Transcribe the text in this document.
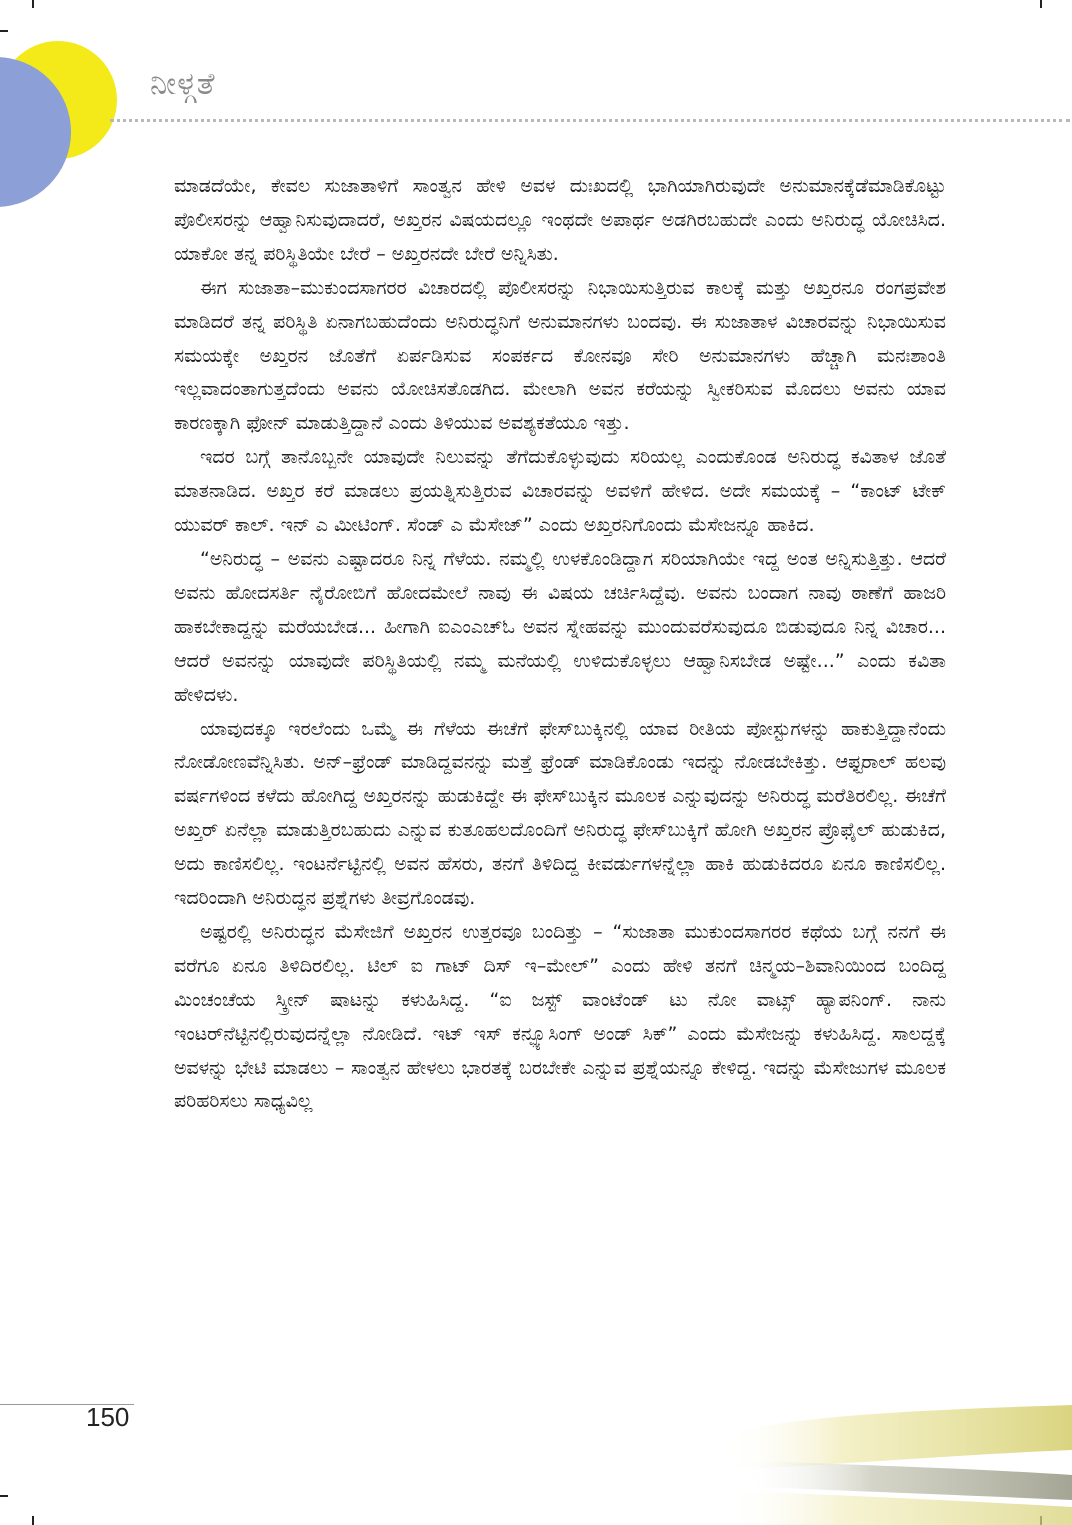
ನೀಳ್ಗತೆ

ಮಾಡದೆಯೇ, ಕೇವಲ ಸುಜಾತಾಳಿಗೆ ಸಾಂತ್ವನ ಹೇಳಿ ಅವಳ ದುಃಖದಲ್ಲಿ ಭಾಗಿಯಾಗಿರುವುದೇ ಅನುಮಾನಕ್ಕೆಡೆಮಾಡಿಕೊಟ್ಟು ಪೊಲೀಸರನ್ನು ಆಹ್ವಾನಿಸುವುದಾದರೆ, ಅಖ್ತರನ ವಿಷಯದಲ್ಲೂ ಇಂಥದೇ ಅಪಾರ್ಥ ಅಡಗಿರಬಹುದೇ ಎಂದು ಅನಿರುದ್ಧ ಯೋಚಿಸಿದ. ಯಾಕೋ ತನ್ನ ಪರಿಸ್ಥಿತಿಯೇ ಬೇರೆ – ಅಖ್ತರನದೇ ಬೇರೆ ಅನ್ನಿಸಿತು.

ಈಗ ಸುಜಾತಾ–ಮುಕುಂದಸಾಗರರ ವಿಚಾರದಲ್ಲಿ ಪೊಲೀಸರನ್ನು ನಿಭಾಯಿಸುತ್ತಿರುವ ಕಾಲಕ್ಕೆ ಮತ್ತು ಅಖ್ತರನೂ ರಂಗಪ್ರವೇಶ ಮಾಡಿದರೆ ತನ್ನ ಪರಿಸ್ಥಿತಿ ಏನಾಗಬಹುದೆಂದು ಅನಿರುದ್ಧನಿಗೆ ಅನುಮಾನಗಳು ಬಂದವು. ಈ ಸುಜಾತಾಳ ವಿಚಾರವನ್ನು ನಿಭಾಯಿಸುವ ಸಮಯಕ್ಕೇ ಅಖ್ತರನ ಜೊತೆಗೆ ಏರ್ಪಡಿಸುವ ಸಂಪರ್ಕದ ಕೋನವೂ ಸೇರಿ ಅನುಮಾನಗಳು ಹೆಚ್ಚಾಗಿ ಮನಃಶಾಂತಿ ಇಲ್ಲವಾದಂತಾಗುತ್ತದೆಂದು ಅವನು ಯೋಚಿಸತೊಡಗಿದ. ಮೇಲಾಗಿ ಅವನ ಕರೆಯನ್ನು ಸ್ವೀಕರಿಸುವ ಮೊದಲು ಅವನು ಯಾವ ಕಾರಣಕ್ಕಾಗಿ ಫೋನ್ ಮಾಡುತ್ತಿದ್ದಾನೆ ಎಂದು ತಿಳಿಯುವ ಅವಶ್ಯಕತೆಯೂ ಇತ್ತು.

ಇದರ ಬಗ್ಗೆ ತಾನೊಬ್ಬನೇ ಯಾವುದೇ ನಿಲುವನ್ನು ತೆಗೆದುಕೊಳ್ಳುವುದು ಸರಿಯಲ್ಲ ಎಂದುಕೊಂಡ ಅನಿರುದ್ಧ ಕವಿತಾಳ ಜೊತೆ ಮಾತನಾಡಿದ. ಅಖ್ತರ ಕರೆ ಮಾಡಲು ಪ್ರಯತ್ನಿಸುತ್ತಿರುವ ವಿಚಾರವನ್ನು ಅವಳಿಗೆ ಹೇಳಿದ. ಅದೇ ಸಮಯಕ್ಕೆ – “ಕಾಂಟ್ ಟೇಕ್ ಯುವರ್ ಕಾಲ್. ಇನ್ ಎ ಮೀಟಿಂಗ್. ಸೆಂಡ್ ಎ ಮೆಸೇಜ್” ಎಂದು ಅಖ್ತರನಿಗೊಂದು ಮೆಸೇಜನ್ನೂ ಹಾಕಿದ.

“ಅನಿರುದ್ಧ – ಅವನು ಎಷ್ಟಾದರೂ ನಿನ್ನ ಗೆಳೆಯ. ನಮ್ಮಲ್ಲಿ ಉಳಕೊಂಡಿದ್ದಾಗ ಸರಿಯಾಗಿಯೇ ಇದ್ದ ಅಂತ ಅನ್ನಿಸುತ್ತಿತ್ತು. ಆದರೆ ಅವನು ಹೋದಸರ್ತಿ ನೈರೋಬಿಗೆ ಹೋದಮೇಲೆ ನಾವು ಈ ವಿಷಯ ಚರ್ಚಿಸಿದ್ದೆವು. ಅವನು ಬಂದಾಗ ನಾವು ಠಾಣೆಗೆ ಹಾಜರಿ ಹಾಕಬೇಕಾದ್ದನ್ನು ಮರೆಯಬೇಡ... ಹೀಗಾಗಿ ಐಎಂಎಚ್ಓ ಅವನ ಸ್ನೇಹವನ್ನು ಮುಂದುವರೆಸುವುದೂ ಬಿಡುವುದೂ ನಿನ್ನ ವಿಚಾರ... ಆದರೆ ಅವನನ್ನು ಯಾವುದೇ ಪರಿಸ್ಥಿತಿಯಲ್ಲಿ ನಮ್ಮ ಮನೆಯಲ್ಲಿ ಉಳಿದುಕೊಳ್ಳಲು ಆಹ್ವಾನಿಸಬೇಡ ಅಷ್ಟೇ...” ಎಂದು ಕವಿತಾ ಹೇಳಿದಳು.

ಯಾವುದಕ್ಕೂ ಇರಲೆಂದು ಒಮ್ಮೆ ಈ ಗೆಳೆಯ ಈಚೆಗೆ ಫೇಸ್‌ಬುಕ್ಕಿನಲ್ಲಿ ಯಾವ ರೀತಿಯ ಪೋಸ್ಟುಗಳನ್ನು ಹಾಕುತ್ತಿದ್ದಾನೆಂದು ನೋಡೋಣವೆನ್ನಿಸಿತು. ಅನ್–ಫ್ರೆಂಡ್ ಮಾಡಿದ್ದವನನ್ನು ಮತ್ತೆ ಫ್ರೆಂಡ್ ಮಾಡಿಕೊಂಡು ಇದನ್ನು ನೋಡಬೇಕಿತ್ತು. ಆಫ್ಟರಾಲ್ ಹಲವು ವರ್ಷಗಳಿಂದ ಕಳೆದು ಹೋಗಿದ್ದ ಅಖ್ತರನನ್ನು ಹುಡುಕಿದ್ದೇ ಈ ಫೇಸ್‌ಬುಕ್ಕಿನ ಮೂಲಕ ಎನ್ನುವುದನ್ನು ಅನಿರುದ್ಧ ಮರೆತಿರಲಿಲ್ಲ. ಈಚೆಗೆ ಅಖ್ತರ್ ಏನೆಲ್ಲಾ ಮಾಡುತ್ತಿರಬಹುದು ಎನ್ನುವ ಕುತೂಹಲದೊಂದಿಗೆ ಅನಿರುದ್ಧ ಫೇಸ್‌ಬುಕ್ಕಿಗೆ ಹೋಗಿ ಅಖ್ತರನ ಪ್ರೊಫೈಲ್ ಹುಡುಕಿದ, ಅದು ಕಾಣಿಸಲಿಲ್ಲ. ಇಂಟರ್ನೆಟ್ಟಿನಲ್ಲಿ ಅವನ ಹೆಸರು, ತನಗೆ ತಿಳಿದಿದ್ದ ಕೀವರ್ಡುಗಳನ್ನೆಲ್ಲಾ ಹಾಕಿ ಹುಡುಕಿದರೂ ಏನೂ ಕಾಣಿಸಲಿಲ್ಲ. ಇದರಿಂದಾಗಿ ಅನಿರುದ್ಧನ ಪ್ರಶ್ನೆಗಳು ತೀವ್ರಗೊಂಡವು.

ಅಷ್ಟರಲ್ಲಿ ಅನಿರುದ್ಧನ ಮೆಸೇಜಿಗೆ ಅಖ್ತರನ ಉತ್ತರವೂ ಬಂದಿತ್ತು – “ಸುಜಾತಾ ಮುಕುಂದಸಾಗರರ ಕಥೆಯ ಬಗ್ಗೆ ನನಗೆ ಈ ವರೆಗೂ ಏನೂ ತಿಳಿದಿರಲಿಲ್ಲ. ಟಿಲ್ ಐ ಗಾಟ್ ದಿಸ್ ಇ–ಮೇಲ್” ಎಂದು ಹೇಳಿ ತನಗೆ ಚಿನ್ಮಯ–ಶಿವಾನಿಯಿಂದ ಬಂದಿದ್ದ ಮಿಂಚಂಚೆಯ ಸ್ಕ್ರೀನ್ ಷಾಟನ್ನು ಕಳುಹಿಸಿದ್ದ. “ಐ ಜಸ್ಟ್ ವಾಂಟೆಂಡ್ ಟು ನೋ ವಾಟ್ಸ್ ಹ್ಯಾಪನಿಂಗ್. ನಾನು ಇಂಟರ್‌ನೆಟ್ಟಿನಲ್ಲಿರುವುದನ್ನೆಲ್ಲಾ ನೋಡಿದೆ. ಇಟ್ ಇಸ್ ಕನ್ಫ್ಯೂಸಿಂಗ್ ಅಂಡ್ ಸಿಕ್” ಎಂದು ಮೆಸೇಜನ್ನು ಕಳುಹಿಸಿದ್ದ. ಸಾಲದ್ದಕ್ಕೆ ಅವಳನ್ನು ಭೇಟಿ ಮಾಡಲು – ಸಾಂತ್ವನ ಹೇಳಲು ಭಾರತಕ್ಕೆ ಬರಬೇಕೇ ಎನ್ನುವ ಪ್ರಶ್ನೆಯನ್ನೂ ಕೇಳಿದ್ದ. ಇದನ್ನು ಮೆಸೇಜುಗಳ ಮೂಲಕ ಪರಿಹರಿಸಲು ಸಾಧ್ಯವಿಲ್ಲ

150
